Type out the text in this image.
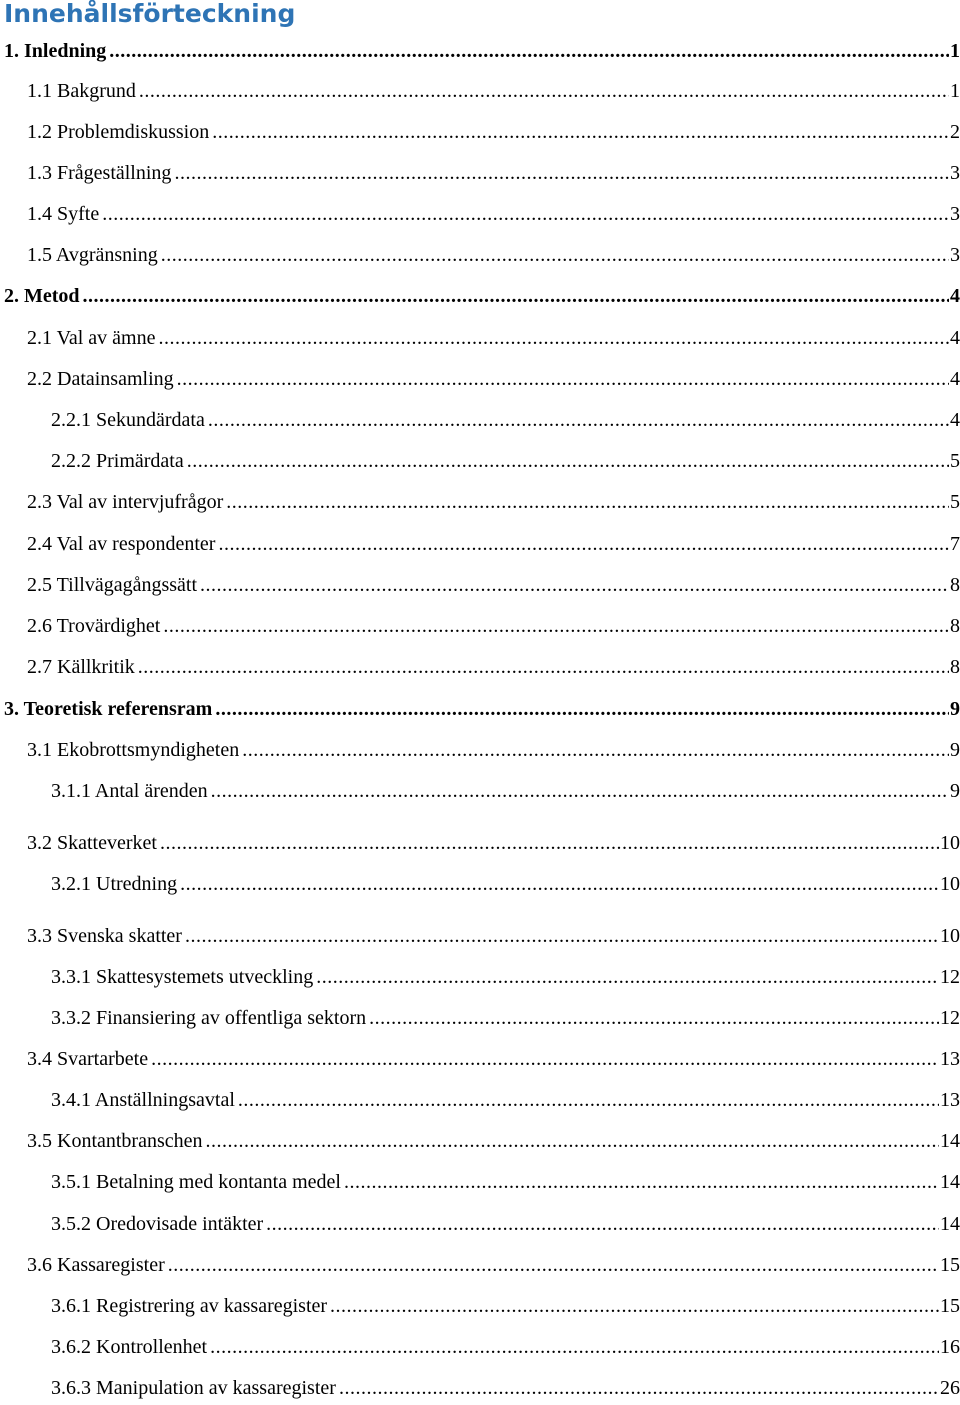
Innehållsförteckning
1. Inledning .....	1
1.1 Bakgrund .....	1
1.2 Problemdiskussion .....	2
1.3 Frågeställning .....	3
1.4 Syfte .....	3
1.5 Avgränsning .....	3
2. Metod .....	4
2.1 Val av ämne .....	4
2.2 Datainsamling .....	4
2.2.1 Sekundärdata .....	4
2.2.2 Primärdata .....	5
2.3 Val av intervjufrågor .....	5
2.4 Val av respondenter .....	7
2.5 Tillvägagångssätt .....	8
2.6 Trovärdighet .....	8
2.7 Källkritik .....	8
3. Teoretisk referensram .....	9
3.1 Ekobrottsmyndigheten .....	9
3.1.1 Antal ärenden .....	9
3.2 Skatteverket .....	10
3.2.1 Utredning .....	10
3.3 Svenska skatter .....	10
3.3.1 Skattesystemets utveckling .....	12
3.3.2 Finansiering av offentliga sektorn .....	12
3.4 Svartarbete .....	13
3.4.1 Anställningsavtal .....	13
3.5 Kontantbranschen .....	14
3.5.1 Betalning med kontanta medel .....	14
3.5.2 Oredovisade intäkter .....	14
3.6 Kassaregister .....	15
3.6.1 Registrering av kassaregister .....	15
3.6.2 Kontrollenhet .....	16
3.6.3 Manipulation av kassaregister .....	26
